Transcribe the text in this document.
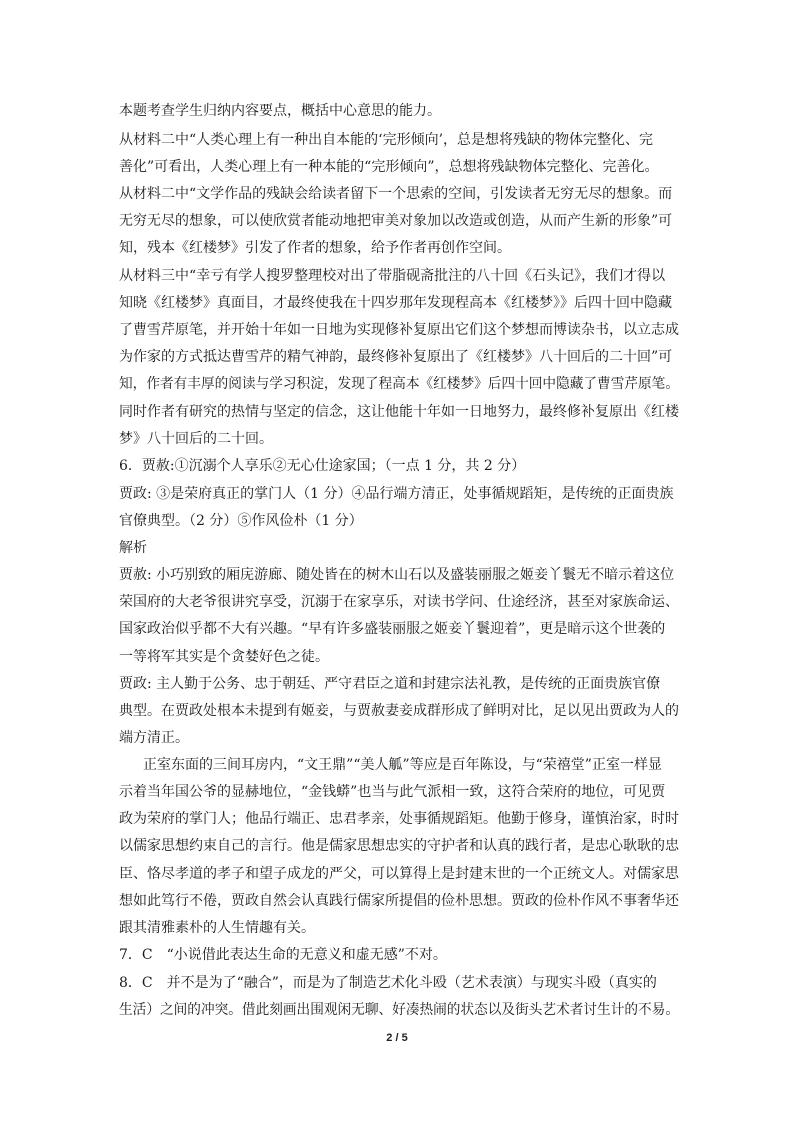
本题考查学生归纳内容要点，概括中心意思的能力。
从材料二中“人类心理上有一种出自本能的‘完形倾向’，总是想将残缺的物体完整化、完
善化”可看出，人类心理上有一种本能的“完形倾向”，总想将残缺物体完整化、完善化。
从材料二中“文学作品的残缺会给读者留下一个思索的空间，引发读者无穷无尽的想象。而
无穷无尽的想象，可以使欣赏者能动地把审美对象加以改造或创造，从而产生新的形象”可
知，残本《红楼梦》引发了作者的想象，给予作者再创作空间。
从材料三中“幸亏有学人搜罗整理校对出了带脂砚斋批注的八十回《石头记》，我们才得以
知晓《红楼梦》真面目，才最终使我在十四岁那年发现程高本《红楼梦》》后四十回中隐藏
了曹雪芹原笔，并开始十年如一日地为实现修补复原出它们这个梦想而博读杂书，以立志成
为作家的方式抵达曹雪芹的精气神韵，最终修补复原出了《红楼梦》八十回后的二十回”可
知，作者有丰厚的阅读与学习积淀，发现了程高本《红楼梦》后四十回中隐藏了曹雪芹原笔。
同时作者有研究的热情与坚定的信念，这让他能十年如一日地努力，最终修补复原出《红楼
梦》八十回后的二十回。
6．贾赦:①沉溺个人享乐②无心仕途家国；（一点 1 分，共 2 分）
贾政: ③是荣府真正的掌门人（1 分）④品行端方清正，处事循规蹈矩，是传统的正面贵族
官僚典型。（2 分）⑤作风俭朴（1 分）
解析
贾赦: 小巧别致的厢庑游廊、随处皆在的树木山石以及盛装丽服之姬妾丫鬟无不暗示着这位
荣国府的大老爷很讲究享受，沉溺于在家享乐，对读书学问、仕途经济，甚至对家族命运、
国家政治似乎都不大有兴趣。“早有许多盛装丽服之姬妾丫鬟迎着”，更是暗示这个世袭的
一等将军其实是个贪婪好色之徒。
贾政: 主人勤于公务、忠于朝廷、严守君臣之道和封建宗法礼教，是传统的正面贵族官僚
典型。在贾政处根本未提到有姬妾，与贾赦妻妾成群形成了鲜明对比，足以见出贾政为人的
端方清正。
正室东面的三间耳房内，“文王鼎”“美人觚”等应是百年陈设，与“荣禧堂”正室一样显
示着当年国公爷的显赫地位，“金钱蟒”也当与此气派相一致，这符合荣府的地位，可见贾
政为荣府的掌门人；他品行端正、忠君孝亲，处事循规蹈矩。他勤于修身，谨慎治家，时时
以儒家思想约束自己的言行。他是儒家思想忠实的守护者和认真的践行者，是忠心耿耿的忠
臣、恪尽孝道的孝子和望子成龙的严父，可以算得上是封建末世的一个正统文人。对儒家思
想如此笃行不倦，贾政自然会认真践行儒家所提倡的俭朴思想。贾政的俭朴作风不事奢华还
跟其清雅素朴的人生情趣有关。
7．C　“小说借此表达生命的无意义和虚无感”不对。
8．C　并不是为了“融合”，而是为了制造艺术化斗殴（艺术表演）与现实斗殴（真实的
生活）之间的冲突。借此刻画出围观闲无聊、好凑热闹的状态以及街头艺术者讨生计的不易。
2 / 5
